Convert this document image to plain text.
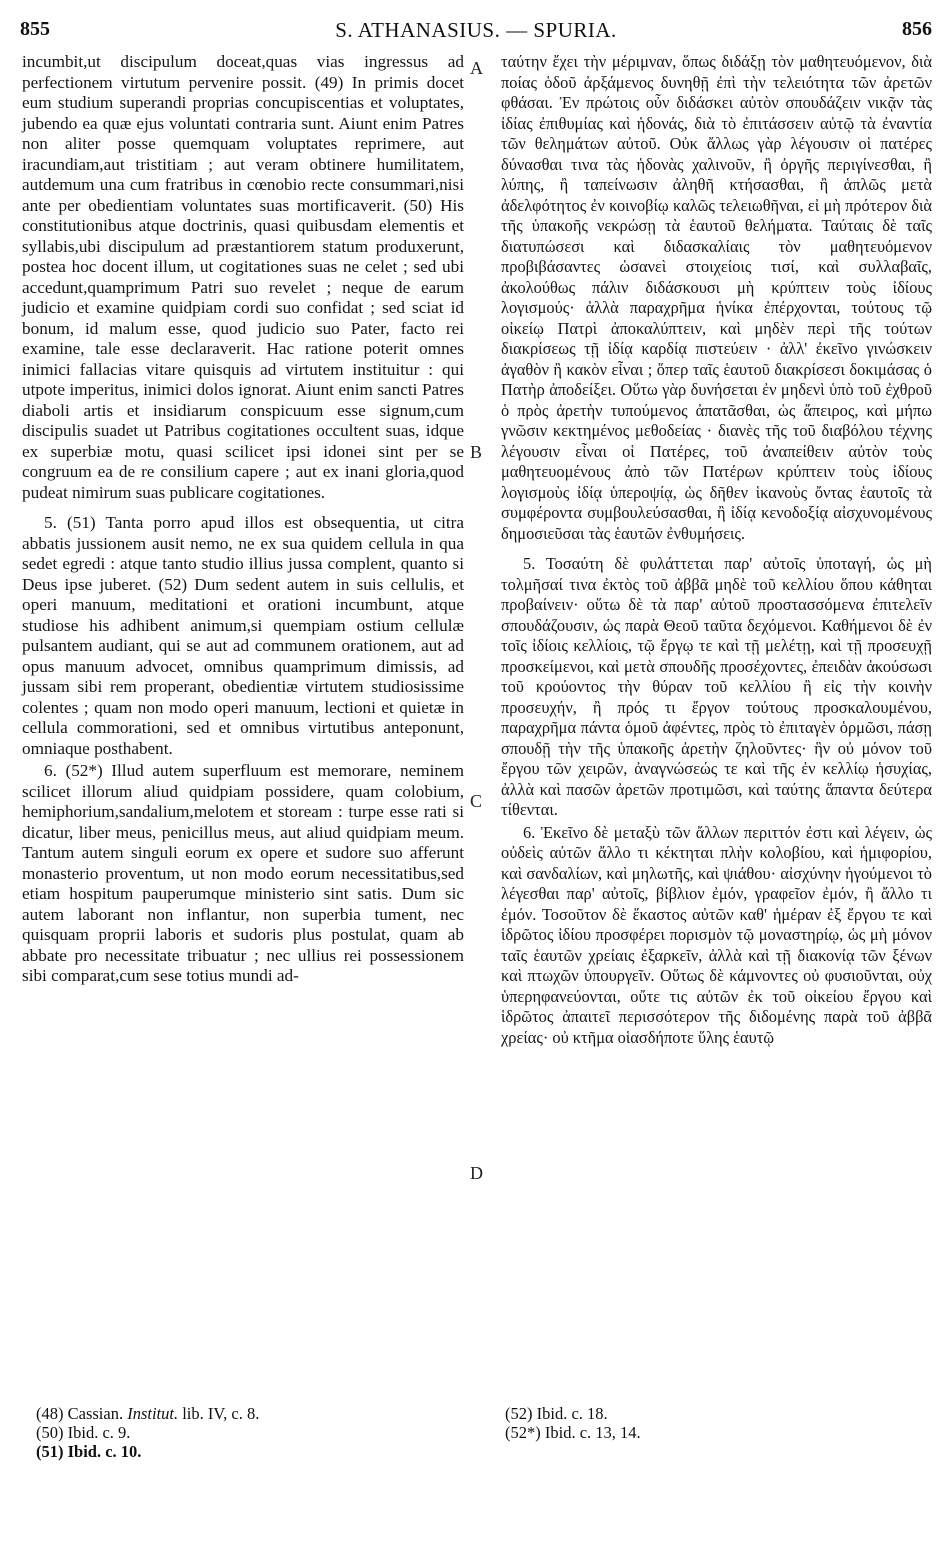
855	S. ATHANASIUS. — SPURIA.	856

incumbit,ut discipulum doceat,quas vias ingressus ad perfectionem virtutum pervenire possit. (49) In primis docet eum studium superandi proprias concupiscentias et voluptates, jubendo ea quæ ejus voluntati contraria sunt. Aiunt enim Patres non aliter posse quemquam voluptates reprimere, aut iracundiam,aut tristitiam ; aut veram obtinere humilitatem, autdemum una cum fratribus in cœnobio recte consummari,nisi ante per obedientiam voluntates suas mortificaverit. (50) His constitutionibus atque doctrinis, quasi quibusdam elementis et syllabis,ubi discipulum ad præstantiorem statum produxerunt, postea hoc docent illum, ut cogitationes suas ne celet ; sed ubi accedunt,quamprimum Patri suo revelet ; neque de earum judicio et examine quidpiam cordi suo confidat ; sed sciat id bonum, id malum esse, quod judicio suo Pater, facto rei examine, tale esse declaraverit. Hac ratione poterit omnes inimici fallacias vitare quisquis ad virtutem instituitur : qui utpote imperitus, inimici dolos ignorat. Aiunt enim sancti Patres diaboli artis et insidiarum conspicuum esse signum,cum discipulis suadet ut Patribus cogitationes occultent suas, idque ex superbiæ motu, quasi scilicet ipsi idonei sint per se congruum ea de re consilium capere ; aut ex inani gloria,quod pudeat nimirum suas publicare cogitationes.

5. (51) Tanta porro apud illos est obsequentia, ut citra abbatis jussionem ausit nemo, ne ex sua quidem cellula in qua sedet egredi : atque tanto studio illius jussa complent, quanto si Deus ipse juberet. (52) Dum sedent autem in suis cellulis, et operi manuum, meditationi et orationi incumbunt, atque studiose his adhibent animum,si quempiam ostium cellulæ pulsantem audiant, qui se aut ad communem orationem, aut ad opus manuum advocet, omnibus quamprimum dimissis, ad jussam sibi rem properant, obedientiæ virtutem studiosissime colentes ; quam non modo operi manuum, lectioni et quietæ in cellula commorationi, sed et omnibus virtutibus anteponunt, omniaque posthabent.

6. (52*) Illud autem superfluum est memorare, neminem scilicet illorum aliud quidpiam possidere, quam colobium, hemiphorium,sandalium,melotem et stoream : turpe esse rati si dicatur, liber meus, penicillus meus, aut aliud quidpiam meum. Tantum autem singuli eorum ex opere et sudore suo afferunt monasterio proventum, ut non modo eorum necessitatibus,sed etiam hospitum pauperumque ministerio sint satis. Dum sic autem laborant non inflantur, non superbia tument, nec quisquam proprii laboris et sudoris plus postulat, quam ab abbate pro necessitate tribuatur ; nec ullius rei possessionem sibi comparat,cum sese totius mundi ad-

A
B
C
D

ταύτην ἔχει τὴν μέριμναν, ὅπως διδάξῃ τὸν μαθητευόμενον, διὰ ποίας ὁδοῦ ἀρξάμενος δυνηθῇ ἐπὶ τὴν τελειότητα τῶν ἀρετῶν φθάσαι. Ἐν πρώτοις οὖν διδάσκει αὐτὸν σπουδάζειν νικᾷν τὰς ἰδίας ἐπιθυμίας καὶ ἡδονάς, διὰ τὸ ἐπιτάσσειν αὐτῷ τὰ ἐναντία τῶν θελημάτων αὐτοῦ. Οὐκ ἄλλως γὰρ λέγουσιν οἱ πατέρες δύνασθαι τινα τὰς ἡδονὰς χαλινοῦν, ἢ ὀργῆς περιγίνεσθαι, ἢ λύπης, ἢ ταπείνωσιν ἀληθῆ κτήσασθαι, ἢ ἁπλῶς μετὰ ἀδελφότητος ἐν κοινοβίῳ καλῶς τελειωθῆναι, εἰ μὴ πρότερον διὰ τῆς ὑπακοῆς νεκρώσῃ τὰ ἑαυτοῦ θελήματα. Ταύταις δὲ ταῖς διατυπώσεσι καὶ διδασκαλίαις τὸν μαθητευόμενον προβιβάσαντες ὡσανεὶ στοιχείοις τισί, καὶ συλλαβαῖς, ἀκολούθως πάλιν διδάσκουσι μὴ κρύπτειν τοὺς ἰδίους λογισμούς· ἀλλὰ παραχρῆμα ἡνίκα ἐπέρχονται, τούτους τῷ οἰκείῳ Πατρὶ ἀποκαλύπτειν, καὶ μηδὲν περὶ τῆς τούτων διακρίσεως τῇ ἰδίᾳ καρδίᾳ πιστεύειν · ἀλλ' ἐκεῖνο γινώσκειν ἀγαθὸν ἢ κακὸν εἶναι ; ὅπερ ταῖς ἑαυτοῦ διακρίσεσι δοκιμάσας ὁ Πατὴρ ἀποδείξει. Οὕτω γὰρ δυνήσεται ἐν μηδενὶ ὑπὸ τοῦ ἐχθροῦ ὁ πρὸς ἀρετὴν τυπούμενος ἀπατᾶσθαι, ὡς ἄπειρος, καὶ μήπω γνῶσιν κεκτημένος μεθοδείας · διανὲς τῆς τοῦ διαβόλου τέχνης λέγουσιν εἶναι οἱ Πατέρες, τοῦ ἀναπείθειν αὐτὸν τοὺς μαθητευομένους ἀπὸ τῶν Πατέρων κρύπτειν τοὺς ἰδίους λογισμοὺς ἰδίᾳ ὑπεροψίᾳ, ὡς δῆθεν ἱκανοὺς ὄντας ἑαυτοῖς τὰ συμφέροντα συμβουλεύσασθαι, ἢ ἰδίᾳ κενοδοξίᾳ αἰσχυνομένους δημοσιεῦσαι τὰς ἑαυτῶν ἐνθυμήσεις.

5. Τοσαύτη δὲ φυλάττεται παρ' αὐτοῖς ὑποταγή, ὡς μὴ τολμῆσαί τινα ἐκτὸς τοῦ ἀββᾶ μηδὲ τοῦ κελλίου ὅπου κάθηται προβαίνειν· οὕτω δὲ τὰ παρ' αὐτοῦ προστασσόμενα ἐπιτελεῖν σπουδάζουσιν, ὡς παρὰ Θεοῦ ταῦτα δεχόμενοι. Καθήμενοι δὲ ἐν τοῖς ἰδίοις κελλίοις, τῷ ἔργῳ τε καὶ τῇ μελέτῃ, καὶ τῇ προσευχῇ προσκείμενοι, καὶ μετὰ σπουδῆς προσέχοντες, ἐπειδὰν ἀκούσωσι τοῦ κρούοντος τὴν θύραν τοῦ κελλίου ἢ εἰς τὴν κοινὴν προσευχήν, ἢ πρός τι ἔργον τούτους προσκαλουμένου, παραχρῆμα πάντα ὁμοῦ ἀφέντες, πρὸς τὸ ἐπιταγὲν ὁρμῶσι, πάσῃ σπουδῇ τὴν τῆς ὑπακοῆς ἀρετὴν ζηλοῦντες· ἣν οὐ μόνον τοῦ ἔργου τῶν χειρῶν, ἀναγνώσεώς τε καὶ τῆς ἐν κελλίῳ ἡσυχίας, ἀλλὰ καὶ πασῶν ἀρετῶν προτιμῶσι, καὶ ταύτης ἅπαντα δεύτερα τίθενται.

6. Ἐκεῖνο δὲ μεταξὺ τῶν ἄλλων περιττόν ἐστι καὶ λέγειν, ὡς οὐδεὶς αὐτῶν ἄλλο τι κέκτηται πλὴν κολοβίου, καὶ ἡμιφορίου, καὶ σανδαλίων, καὶ μηλωτῆς, καὶ ψιάθου· αἰσχύνην ἡγούμενοι τὸ λέγεσθαι παρ' αὐτοῖς, βίβλιον ἐμόν, γραφεῖον ἐμόν, ἢ ἄλλο τι ἐμόν. Τοσοῦτον δὲ ἕκαστος αὐτῶν καθ' ἡμέραν ἐξ ἔργου τε καὶ ἱδρῶτος ἰδίου προσφέρει πορισμὸν τῷ μοναστηρίῳ, ὡς μὴ μόνον ταῖς ἑαυτῶν χρείαις ἐξαρκεῖν, ἀλλὰ καὶ τῇ διακονίᾳ τῶν ξένων καὶ πτωχῶν ὑπουργεῖν. Οὕτως δὲ κάμνοντες οὐ φυσιοῦνται, οὐχ ὑπερηφανεύονται, οὔτε τις αὐτῶν ἐκ τοῦ οἰκείου ἔργου καὶ ἱδρῶτος ἀπαιτεῖ περισσότερον τῆς διδομένης παρὰ τοῦ ἀββᾶ χρείας· οὐ κτῆμα οἱασδήποτε ὕλης ἑαυτῷ

(48) Cassian. Institut. lib. IV, c. 8.
(50) Ibid. c. 9.
(51) Ibid. c. 10.
(52) Ibid. c. 18.
(52*) Ibid. c. 13, 14.
